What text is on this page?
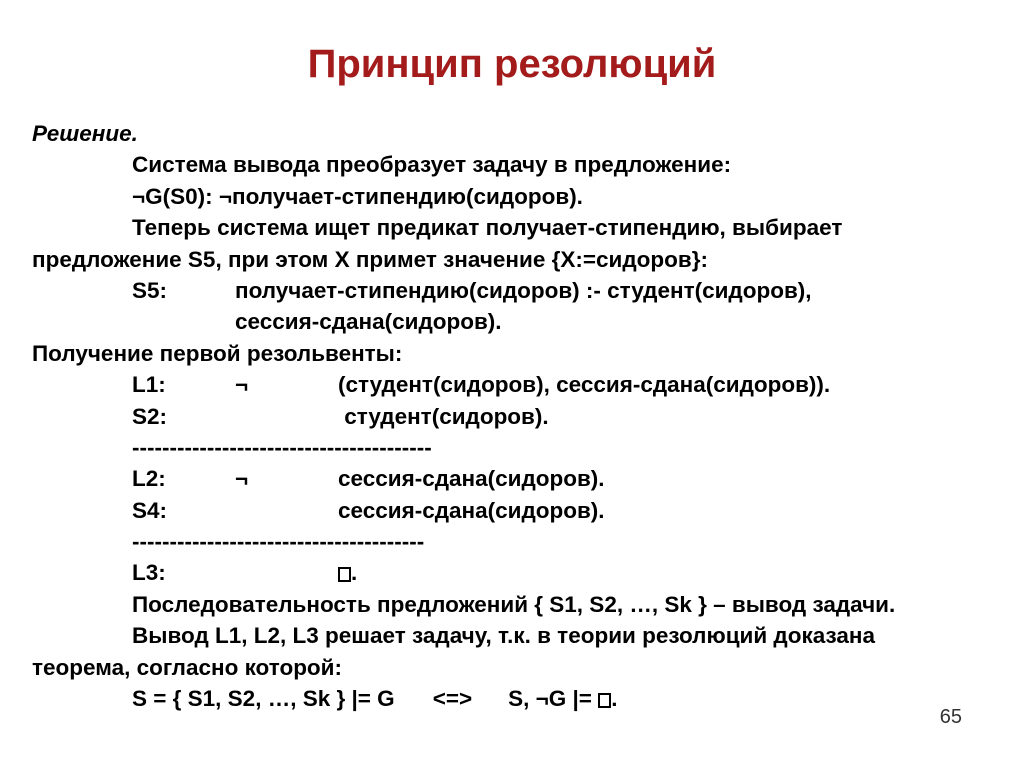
Принцип резолюций
Решение.
Система вывода преобразует задачу в предложение:
¬G(S0): ¬получает-стипендию(сидоров).
Теперь система ищет предикат получает-стипендию, выбирает
предложение S5, при этом X примет значение {X:=сидоров}:
S5:	получает-стипендию(сидоров) :- студент(сидоров),
сессия-сдана(сидоров).
Получение первой резольвенты:
L1:	¬	(студент(сидоров), сессия-сдана(сидоров)).
S2:	студент(сидоров).
----------------------------------------
L2:	¬	сессия-сдана(сидоров).
S4:	сессия-сдана(сидоров).
---------------------------------------
L3:	.
Последовательность предложений { S1, S2, …, Sk } – вывод задачи.
Вывод L1, L2, L3 решает задачу, т.к. в теории резолюций доказана
теорема, согласно которой:
S = { S1, S2, …, Sk } |= G <=> S, ¬G |= .
65
